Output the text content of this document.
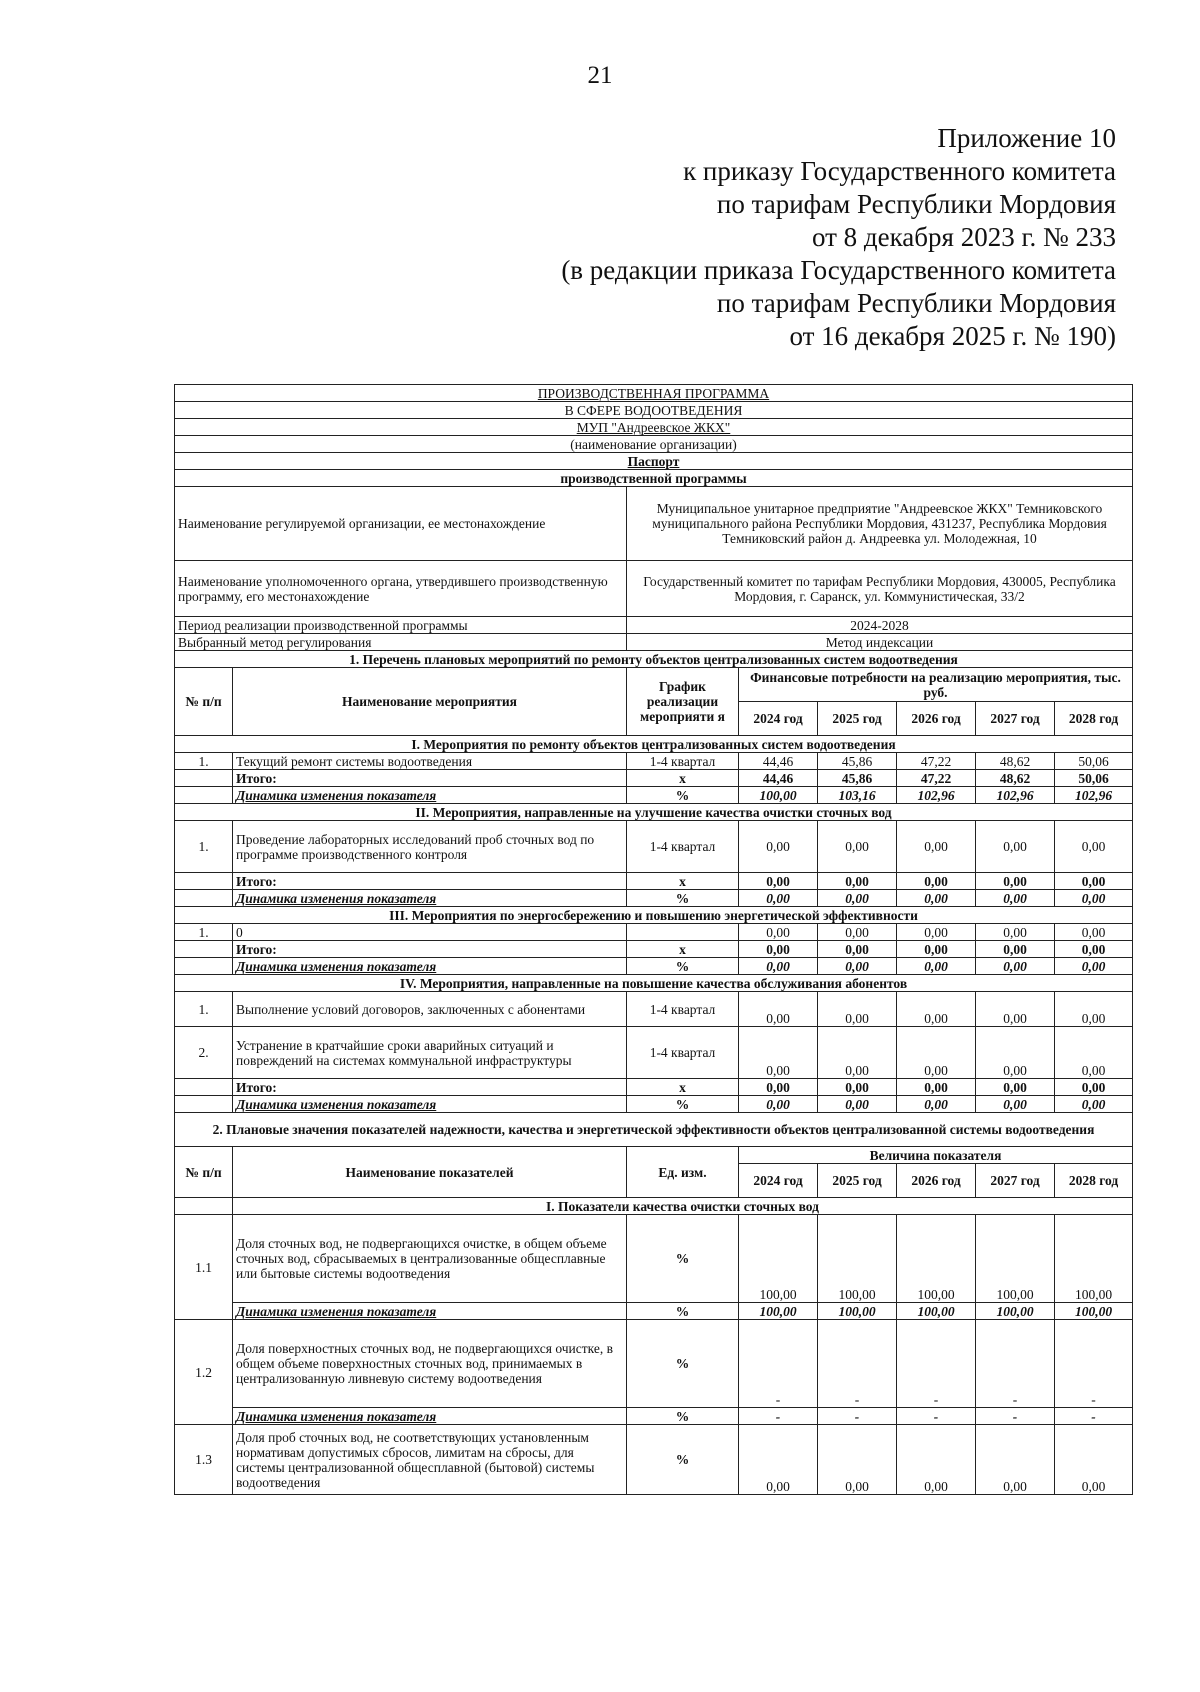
21
Приложение 10
к приказу Государственного комитета
по тарифам Республики Мордовия
от 8 декабря 2023 г. № 233
(в редакции приказа Государственного комитета
по тарифам Республики Мордовия
от 16 декабря 2025 г. № 190)
ПРОИЗВОДСТВЕННАЯ ПРОГРАММА							
В СФЕРЕ ВОДООТВЕДЕНИЯ							
МУП "Андреевское ЖКХ"							
(наименование организации)							
Паспорт							
производственной программы							
Наименование регулируемой организации, ее местонахождение		Муниципальное унитарное предприятие "Андреевское ЖКХ" Темниковского муниципального района Республики Мордовия, 431237, Республика Мордовия Темниковский район д. Андреевка ул. Молодежная, 10					
Наименование уполномоченного органа, утвердившего производственную программу, его местонахождение		Государственный комитет по тарифам Республики Мордовия, 430005, Республика Мордовия, г. Саранск, ул. Коммунистическая, 33/2					
Период реализации производственной программы		2024-2028					
Выбранный метод регулирования		Метод индексации					
1. Перечень плановых мероприятий по ремонту объектов централизованных систем водоотведения							
№ п/п	Наименование мероприятия	График реализации мероприяти я	Финансовые потребности на реализацию мероприятия, тыс. руб.				
			2024 год	2025 год	2026 год	2027 год	2028 год
I. Мероприятия по ремонту объектов централизованных систем водоотведения							
1.	Текущий ремонт системы водоотведения	1-4 квартал	44,46	45,86	47,22	48,62	50,06
	Итого:	х	44,46	45,86	47,22	48,62	50,06
	Динамика изменения показателя	%	100,00	103,16	102,96	102,96	102,96
II. Мероприятия, направленные на улучшение качества очистки сточных вод							
1.	Проведение лабораторных исследований проб сточных вод по программе производственного контроля	1-4 квартал	0,00	0,00	0,00	0,00	0,00
	Итого:	х	0,00	0,00	0,00	0,00	0,00
	Динамика изменения показателя	%	0,00	0,00	0,00	0,00	0,00
III. Мероприятия по энергосбережению и повышению энергетической эффективности							
1.	0		0,00	0,00	0,00	0,00	0,00
	Итого:	х	0,00	0,00	0,00	0,00	0,00
	Динамика изменения показателя	%	0,00	0,00	0,00	0,00	0,00
IV. Мероприятия, направленные на повышение качества обслуживания абонентов							
1.	Выполнение условий договоров, заключенных с абонентами	1-4 квартал	0,00	0,00	0,00	0,00	0,00
2.	Устранение в кратчайшие сроки аварийных ситуаций и повреждений на системах коммунальной инфраструктуры	1-4 квартал	0,00	0,00	0,00	0,00	0,00
	Итого:	х	0,00	0,00	0,00	0,00	0,00
	Динамика изменения показателя	%	0,00	0,00	0,00	0,00	0,00
2. Плановые значения показателей надежности, качества и энергетической эффективности объектов централизованной системы водоотведения							
№ п/п	Наименование показателей	Ед. изм.	Величина показателя				
			2024 год	2025 год	2026 год	2027 год	2028 год
	I. Показатели качества очистки сточных вод						
1.1	Доля сточных вод, не подвергающихся очистке, в общем объеме сточных вод, сбрасываемых в централизованные общесплавные или бытовые системы водоотведения	%	100,00	100,00	100,00	100,00	100,00
	Динамика изменения показателя	%	100,00	100,00	100,00	100,00	100,00
1.2	Доля поверхностных сточных вод, не подвергающихся очистке, в общем объеме поверхностных сточных вод, принимаемых в централизованную ливневую систему водоотведения	%	-	-	-	-	-
	Динамика изменения показателя	%	-	-	-	-	-
1.3	Доля проб сточных вод, не соответствующих установленным нормативам допустимых сбросов, лимитам на сбросы, для системы централизованной общесплавной (бытовой) системы водоотведения	%	0,00	0,00	0,00	0,00	0,00
